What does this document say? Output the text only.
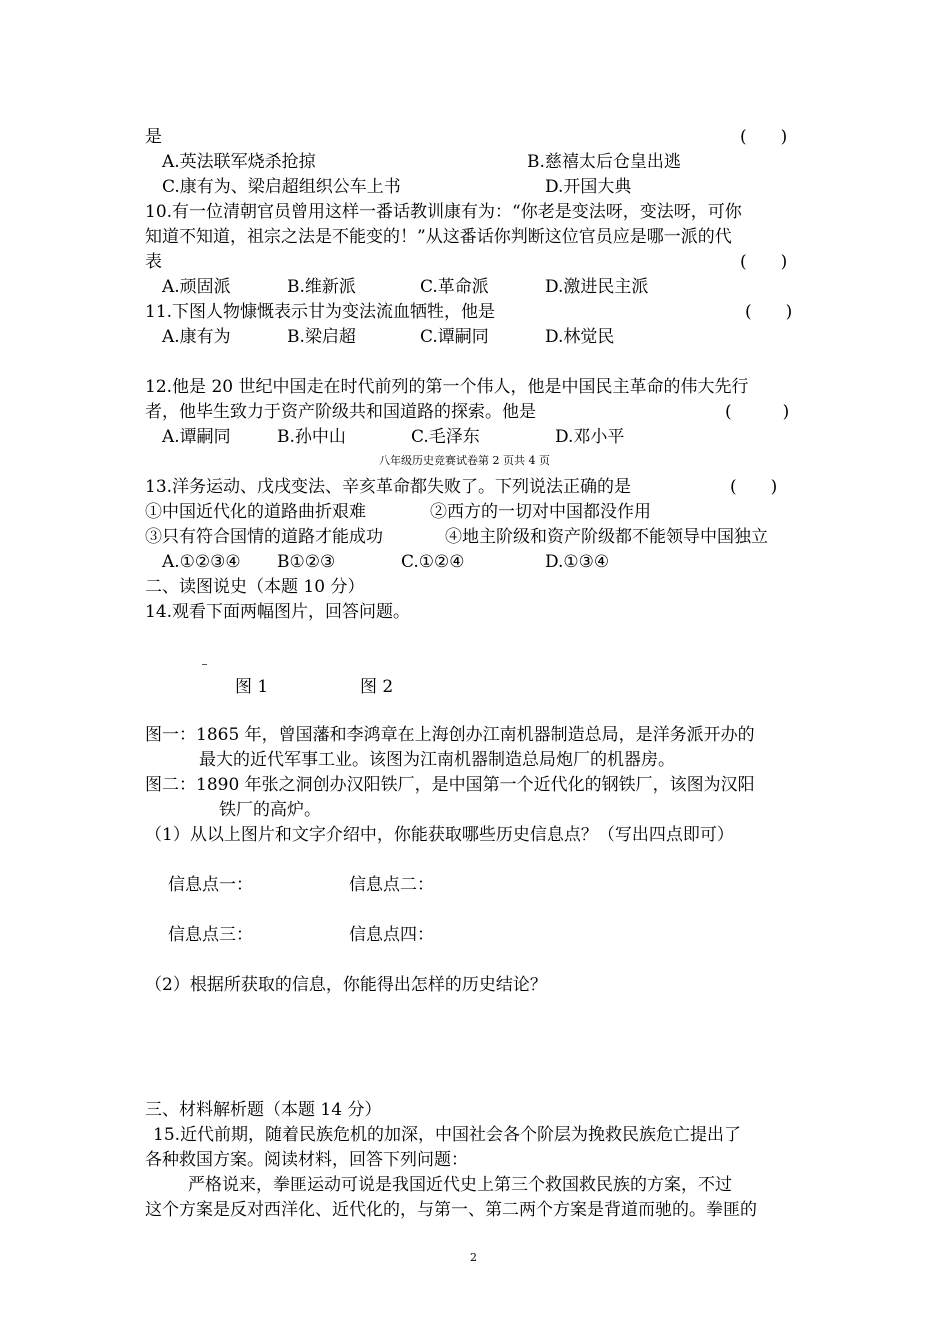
是	(　　)
A.英法联军烧杀抢掠	B.慈禧太后仓皇出逃
C.康有为、梁启超组织公车上书	D.开国大典
10.有一位清朝官员曾用这样一番话教训康有为：“你老是变法呀，变法呀，可你
知道不知道，祖宗之法是不能变的！”从这番话你判断这位官员应是哪一派的代
表	(　　)
A.顽固派	B.维新派	C.革命派	D.激进民主派
11.下图人物慷慨表示甘为变法流血牺牲，他是	(　　)
A.康有为	B.梁启超	C.谭嗣同	D.林觉民
12.他是 20 世纪中国走在时代前列的第一个伟人，他是中国民主革命的伟大先行
者，他毕生致力于资产阶级共和国道路的探索。他是	(　　　)
A.谭嗣同	B.孙中山	C.毛泽东	D.邓小平
八年级历史竞赛试卷第 2 页共 4 页
13.洋务运动、戊戌变法、辛亥革命都失败了。下列说法正确的是	(　　)
①中国近代化的道路曲折艰难	②西方的一切对中国都没作用
③只有符合国情的道路才能成功	④地主阶级和资产阶级都不能领导中国独立
A.①②③④ B①②③	C.①②④	D.①③④
二、读图说史（本题 10 分）
14.观看下面两幅图片，回答问题。
图 1	图 2
图一：1865 年，曾国藩和李鸿章在上海创办江南机器制造总局，是洋务派开办的
最大的近代军事工业。该图为江南机器制造总局炮厂的机器房。
图二：1890 年张之洞创办汉阳铁厂，是中国第一个近代化的钢铁厂，该图为汉阳
铁厂的高炉。
（1）从以上图片和文字介绍中，你能获取哪些历史信息点？（写出四点即可）
信息点一：	信息点二：
信息点三：	信息点四：
（2）根据所获取的信息，你能得出怎样的历史结论？
三、材料解析题（本题 14 分）
15.近代前期，随着民族危机的加深，中国社会各个阶层为挽救民族危亡提出了
各种救国方案。阅读材料，回答下列问题：
严格说来，拳匪运动可说是我国近代史上第三个救国救民族的方案，不过
这个方案是反对西洋化、近代化的，与第一、第二两个方案是背道而驰的。拳匪的
2
